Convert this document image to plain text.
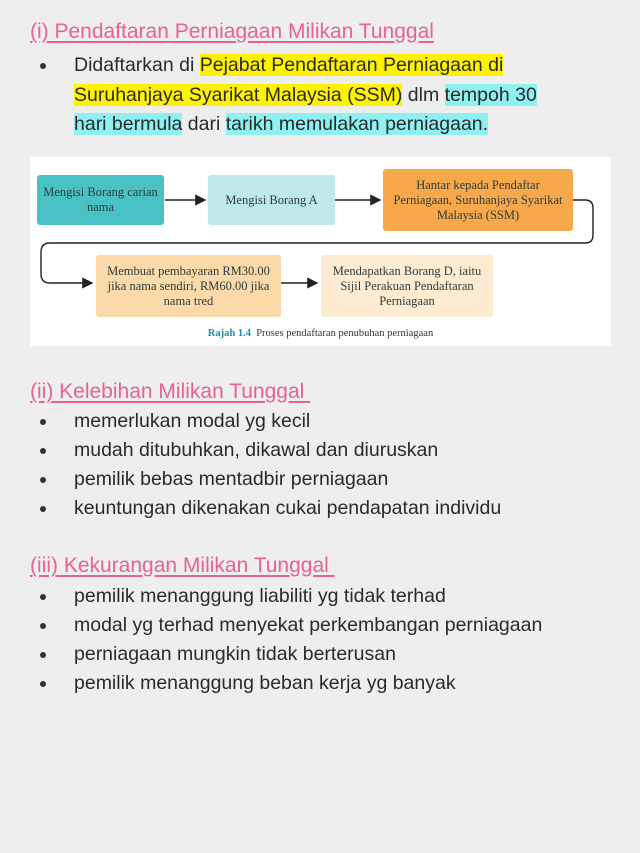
(i) Pendaftaran Perniagaan Milikan Tunggal
Didaftarkan di Pejabat Pendaftaran Perniagaan di
Suruhanjaya Syarikat Malaysia (SSM) dlm tempoh 30
hari bermula dari tarikh memulakan perniagaan.
Mengisi Borang carian nama
Mengisi Borang A
Hantar kepada Pendaftar Perniagaan, Suruhanjaya Syarikat Malaysia (SSM)
Membuat pembayaran RM30.00 jika nama sendiri, RM60.00 jika nama tred
Mendapatkan Borang D, iaitu Sijil Perakuan Pendaftaran Perniagaan
Rajah 1.4 Proses pendaftaran penubuhan perniagaan
(ii) Kelebihan Milikan Tunggal
memerlukan modal yg kecil
mudah ditubuhkan, dikawal dan diuruskan
pemilik bebas mentadbir perniagaan
keuntungan dikenakan cukai pendapatan individu
(iii) Kekurangan Milikan Tunggal
pemilik menanggung liabiliti yg tidak terhad
modal yg terhad menyekat perkembangan perniagaan
perniagaan mungkin tidak berterusan
pemilik menanggung beban kerja yg banyak
